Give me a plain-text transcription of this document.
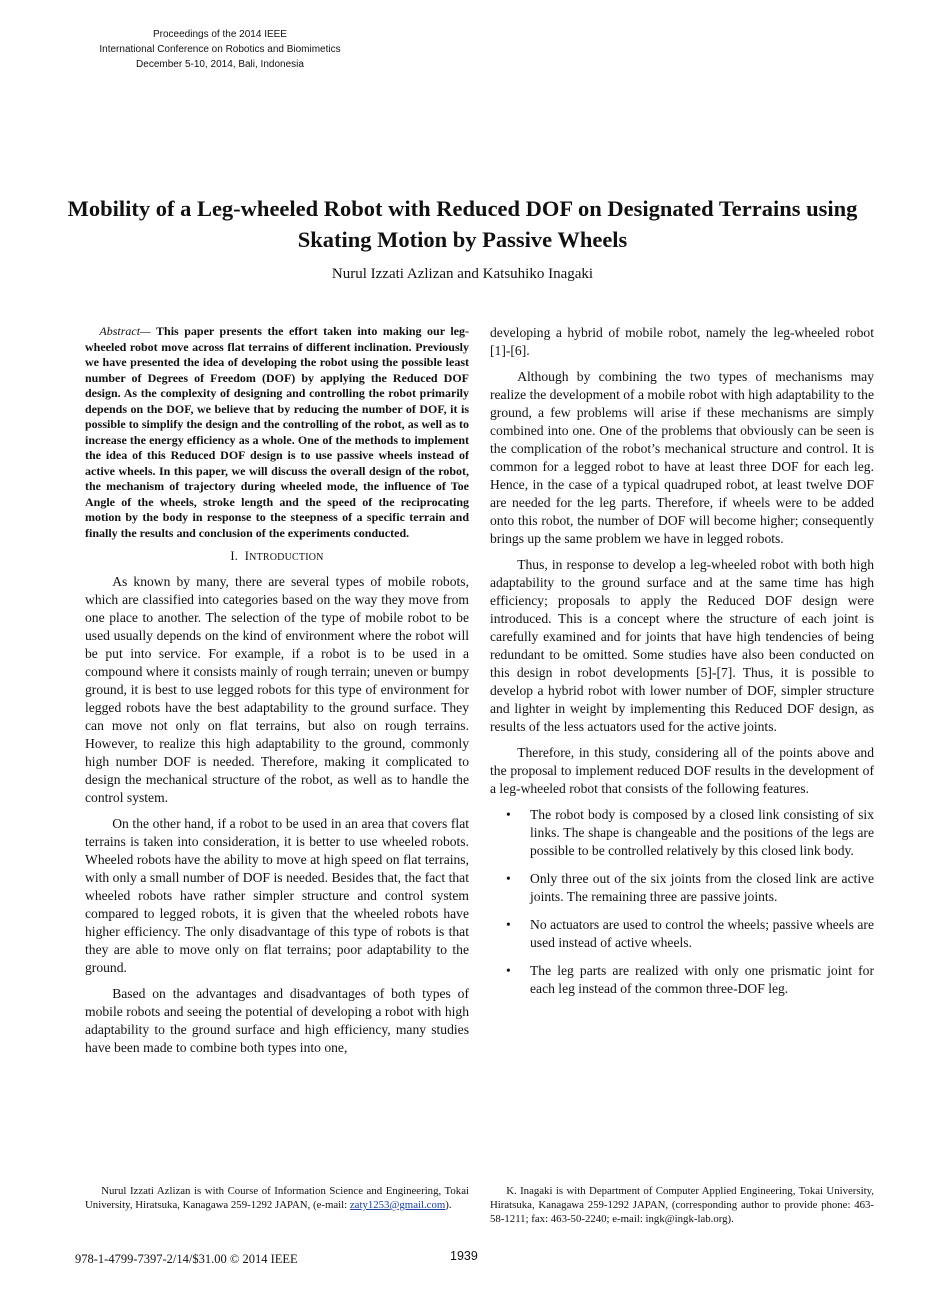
Proceedings of the 2014 IEEE
International Conference on Robotics and Biomimetics
December 5-10, 2014, Bali, Indonesia
Mobility of a Leg-wheeled Robot with Reduced DOF on Designated Terrains using Skating Motion by Passive Wheels
Nurul Izzati Azlizan and Katsuhiko Inagaki

Abstract— This paper presents the effort taken into making our leg-wheeled robot move across flat terrains of different inclination. Previously we have presented the idea of developing the robot using the possible least number of Degrees of Freedom (DOF) by applying the Reduced DOF design. As the complexity of designing and controlling the robot primarily depends on the DOF, we believe that by reducing the number of DOF, it is possible to simplify the design and the controlling of the robot, as well as to increase the energy efficiency as a whole. One of the methods to implement the idea of this Reduced DOF design is to use passive wheels instead of active wheels. In this paper, we will discuss the overall design of the robot, the mechanism of trajectory during wheeled mode, the influence of Toe Angle of the wheels, stroke length and the speed of the reciprocating motion by the body in response to the steepness of a specific terrain and finally the results and conclusion of the experiments conducted.

I. INTRODUCTION

As known by many, there are several types of mobile robots, which are classified into categories based on the way they move from one place to another. The selection of the type of mobile robot to be used usually depends on the kind of environment where the robot will be put into service. For example, if a robot is to be used in a compound where it consists mainly of rough terrain; uneven or bumpy ground, it is best to use legged robots for this type of environment for legged robots have the best adaptability to the ground surface. They can move not only on flat terrains, but also on rough terrains. However, to realize this high adaptability to the ground, commonly high number DOF is needed. Therefore, making it complicated to design the mechanical structure of the robot, as well as to handle the control system.

On the other hand, if a robot to be used in an area that covers flat terrains is taken into consideration, it is better to use wheeled robots. Wheeled robots have the ability to move at high speed on flat terrains, with only a small number of DOF is needed. Besides that, the fact that wheeled robots have rather simpler structure and control system compared to legged robots, it is given that the wheeled robots have higher efficiency. The only disadvantage of this type of robots is that they are able to move only on flat terrains; poor adaptability to the ground.

Based on the advantages and disadvantages of both types of mobile robots and seeing the potential of developing a robot with high adaptability to the ground surface and high efficiency, many studies have been made to combine both types into one,

developing a hybrid of mobile robot, namely the leg-wheeled robot [1]-[6].

Although by combining the two types of mechanisms may realize the development of a mobile robot with high adaptability to the ground, a few problems will arise if these mechanisms are simply combined into one. One of the problems that obviously can be seen is the complication of the robot’s mechanical structure and control. It is common for a legged robot to have at least three DOF for each leg. Hence, in the case of a typical quadruped robot, at least twelve DOF are needed for the leg parts. Therefore, if wheels were to be added onto this robot, the number of DOF will become higher; consequently brings up the same problem we have in legged robots.

Thus, in response to develop a leg-wheeled robot with both high adaptability to the ground surface and at the same time has high efficiency; proposals to apply the Reduced DOF design were introduced. This is a concept where the structure of each joint is carefully examined and for joints that have high tendencies of being redundant to be omitted. Some studies have also been conducted on this design in robot developments [5]-[7]. Thus, it is possible to develop a hybrid robot with lower number of DOF, simpler structure and lighter in weight by implementing this Reduced DOF design, as results of the less actuators used for the active joints.

Therefore, in this study, considering all of the points above and the proposal to implement reduced DOF results in the development of a leg-wheeled robot that consists of the following features.

• The robot body is composed by a closed link consisting of six links. The shape is changeable and the positions of the legs are possible to be controlled relatively by this closed link body.
• Only three out of the six joints from the closed link are active joints. The remaining three are passive joints.
• No actuators are used to control the wheels; passive wheels are used instead of active wheels.
• The leg parts are realized with only one prismatic joint for each leg instead of the common three-DOF leg.
Nurul Izzati Azlizan is with Course of Information Science and Engineering, Tokai University, Hiratsuka, Kanagawa 259-1292 JAPAN, (e-mail: zaty1253@gmail.com).
K. Inagaki is with Department of Computer Applied Engineering, Tokai University, Hiratsuka, Kanagawa 259-1292 JAPAN, (corresponding author to provide phone: 463-58-1211; fax: 463-50-2240; e-mail: ingk@ingk-lab.org).
978-1-4799-7397-2/14/$31.00 © 2014 IEEE	1939
